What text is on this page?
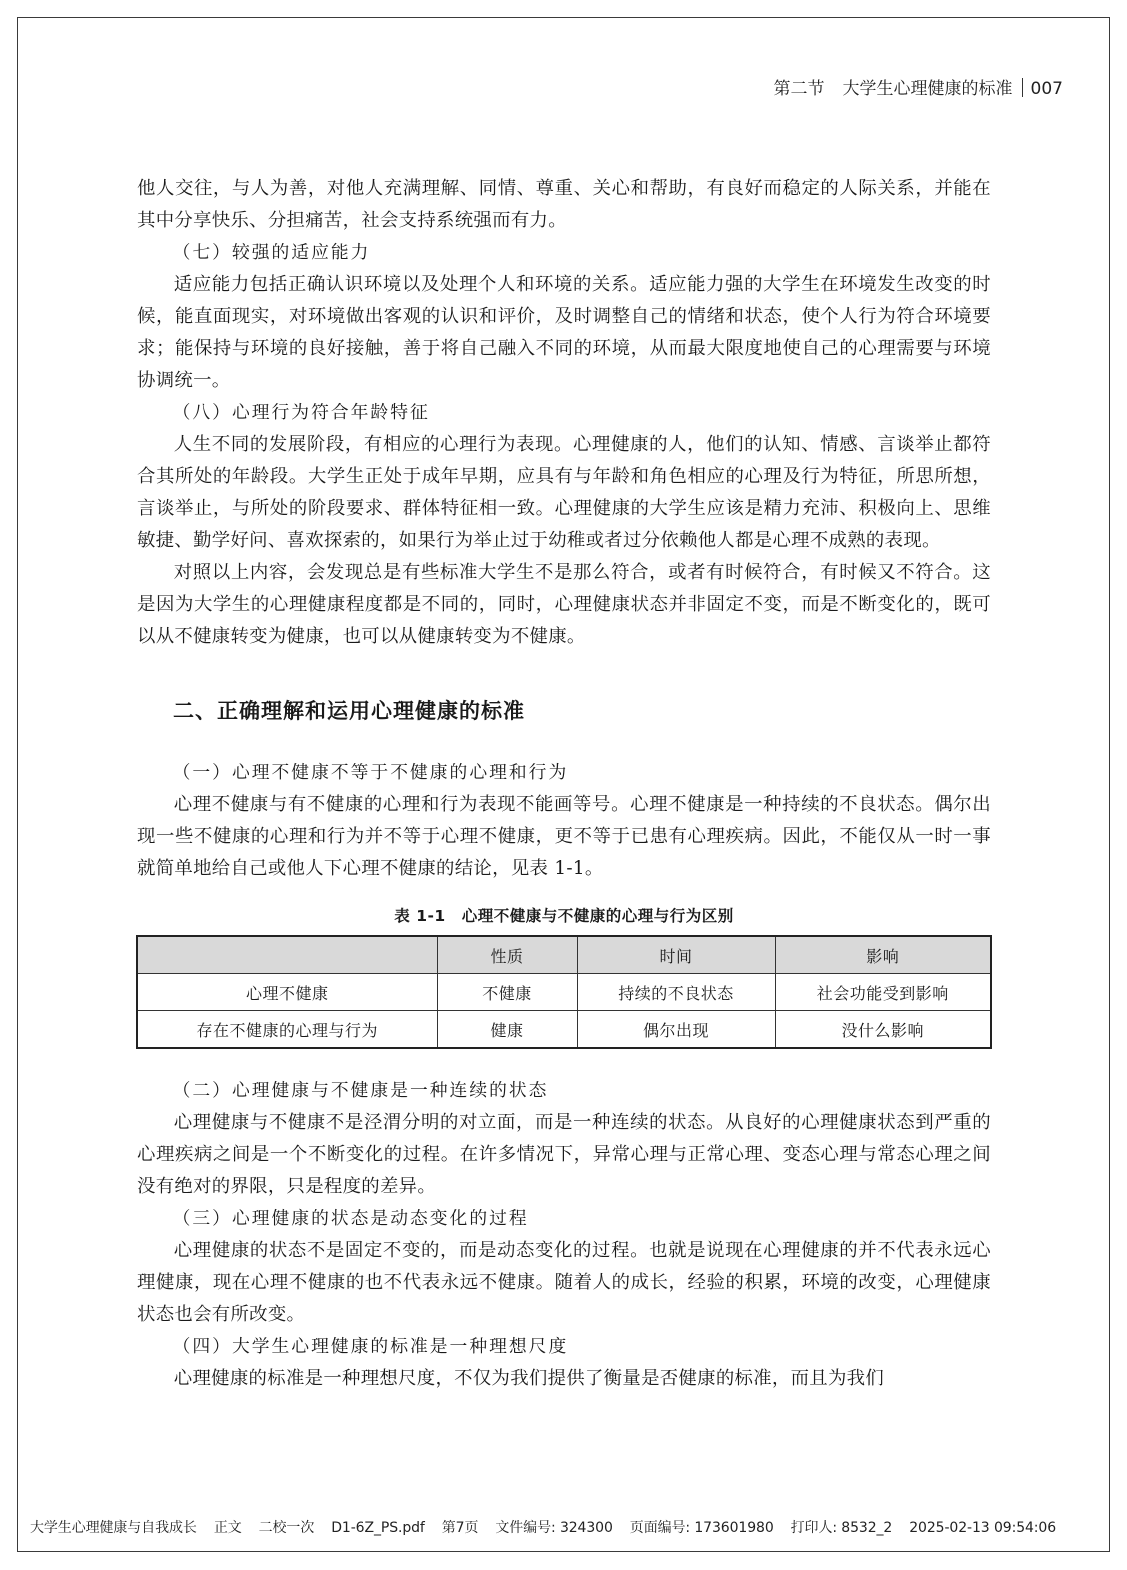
第二节 大学生心理健康的标准 007

他人交往，与人为善，对他人充满理解、同情、尊重、关心和帮助，有良好而稳定的人际关系，并能在其中分享快乐、分担痛苦，社会支持系统强而有力。

（七）较强的适应能力

适应能力包括正确认识环境以及处理个人和环境的关系。适应能力强的大学生在环境发生改变的时候，能直面现实，对环境做出客观的认识和评价，及时调整自己的情绪和状态，使个人行为符合环境要求；能保持与环境的良好接触，善于将自己融入不同的环境，从而最大限度地使自己的心理需要与环境协调统一。

（八）心理行为符合年龄特征

人生不同的发展阶段，有相应的心理行为表现。心理健康的人，他们的认知、情感、言谈举止都符合其所处的年龄段。大学生正处于成年早期，应具有与年龄和角色相应的心理及行为特征，所思所想，言谈举止，与所处的阶段要求、群体特征相一致。心理健康的大学生应该是精力充沛、积极向上、思维敏捷、勤学好问、喜欢探索的，如果行为举止过于幼稚或者过分依赖他人都是心理不成熟的表现。

对照以上内容，会发现总是有些标准大学生不是那么符合，或者有时候符合，有时候又不符合。这是因为大学生的心理健康程度都是不同的，同时，心理健康状态并非固定不变，而是不断变化的，既可以从不健康转变为健康，也可以从健康转变为不健康。

二、正确理解和运用心理健康的标准

（一）心理不健康不等于不健康的心理和行为

心理不健康与有不健康的心理和行为表现不能画等号。心理不健康是一种持续的不良状态。偶尔出现一些不健康的心理和行为并不等于心理不健康，更不等于已患有心理疾病。因此，不能仅从一时一事就简单地给自己或他人下心理不健康的结论，见表 1-1。

表 1-1　心理不健康与不健康的心理与行为区别
	性质	时间	影响
心理不健康	不健康	持续的不良状态	社会功能受到影响
存在不健康的心理与行为	健康	偶尔出现	没什么影响

（二）心理健康与不健康是一种连续的状态

心理健康与不健康不是泾渭分明的对立面，而是一种连续的状态。从良好的心理健康状态到严重的心理疾病之间是一个不断变化的过程。在许多情况下，异常心理与正常心理、变态心理与常态心理之间没有绝对的界限，只是程度的差异。

（三）心理健康的状态是动态变化的过程

心理健康的状态不是固定不变的，而是动态变化的过程。也就是说现在心理健康的并不代表永远心理健康，现在心理不健康的也不代表永远不健康。随着人的成长，经验的积累，环境的改变，心理健康状态也会有所改变。

（四）大学生心理健康的标准是一种理想尺度

心理健康的标准是一种理想尺度，不仅为我们提供了衡量是否健康的标准，而且为我们

大学生心理健康与自我成长 正文 二校一次 D1-6Z_PS.pdf 第7页 文件编号: 324300 页面编号: 173601980 打印人: 8532_2 2025-02-13 09:54:06
